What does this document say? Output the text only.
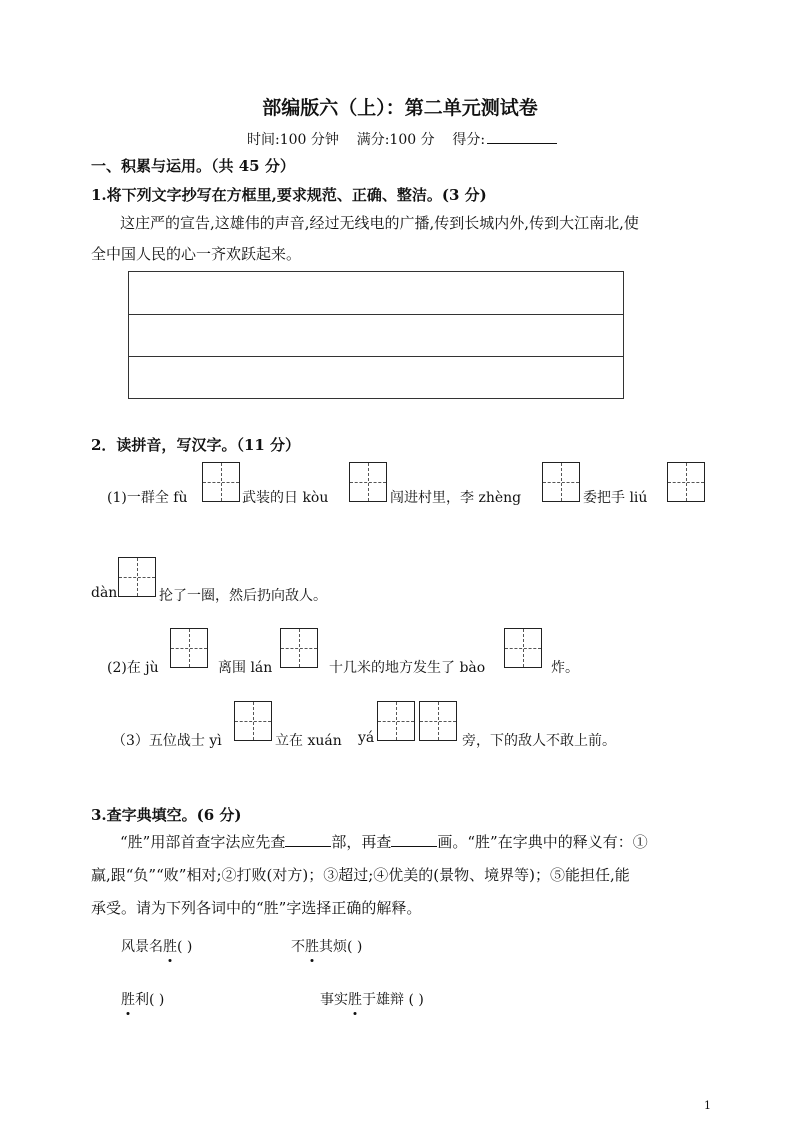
部编版六（上）：第二单元测试卷
时间:100 分钟 满分:100 分 得分:
一、积累与运用。（共 45 分）
1.将下列文字抄写在方框里,要求规范、正确、整洁。(3 分)
这庄严的宣告,这雄伟的声音,经过无线电的广播,传到长城内外,传到大江南北,使
全中国人民的心一齐欢跃起来。
2．读拼音，写汉字。（11 分）
(1)一群全 fù	武装的日 kòu	闯进村里，李 zhèng	委把手 liú
dàn	抡了一圈，然后扔向敌人。
(2)在 jù	离围 lán	十几米的地方发生了 bào	炸。
（3）五位战士 yì	立在 xuán yá	旁，下的敌人不敢上前。
3.查字典填空。(6 分)
“胜”用部首查字法应先查	部，再查	画。“胜”在字典中的释义有：①
赢,跟“负”“败”相对;②打败(对方)；③超过;④优美的(景物、境界等)；⑤能担任,能
承受。请为下列各词中的“胜”字选择正确的解释。
风景名胜( )	不胜其烦( )
胜利( )	事实胜于雄辩 ( )
1
